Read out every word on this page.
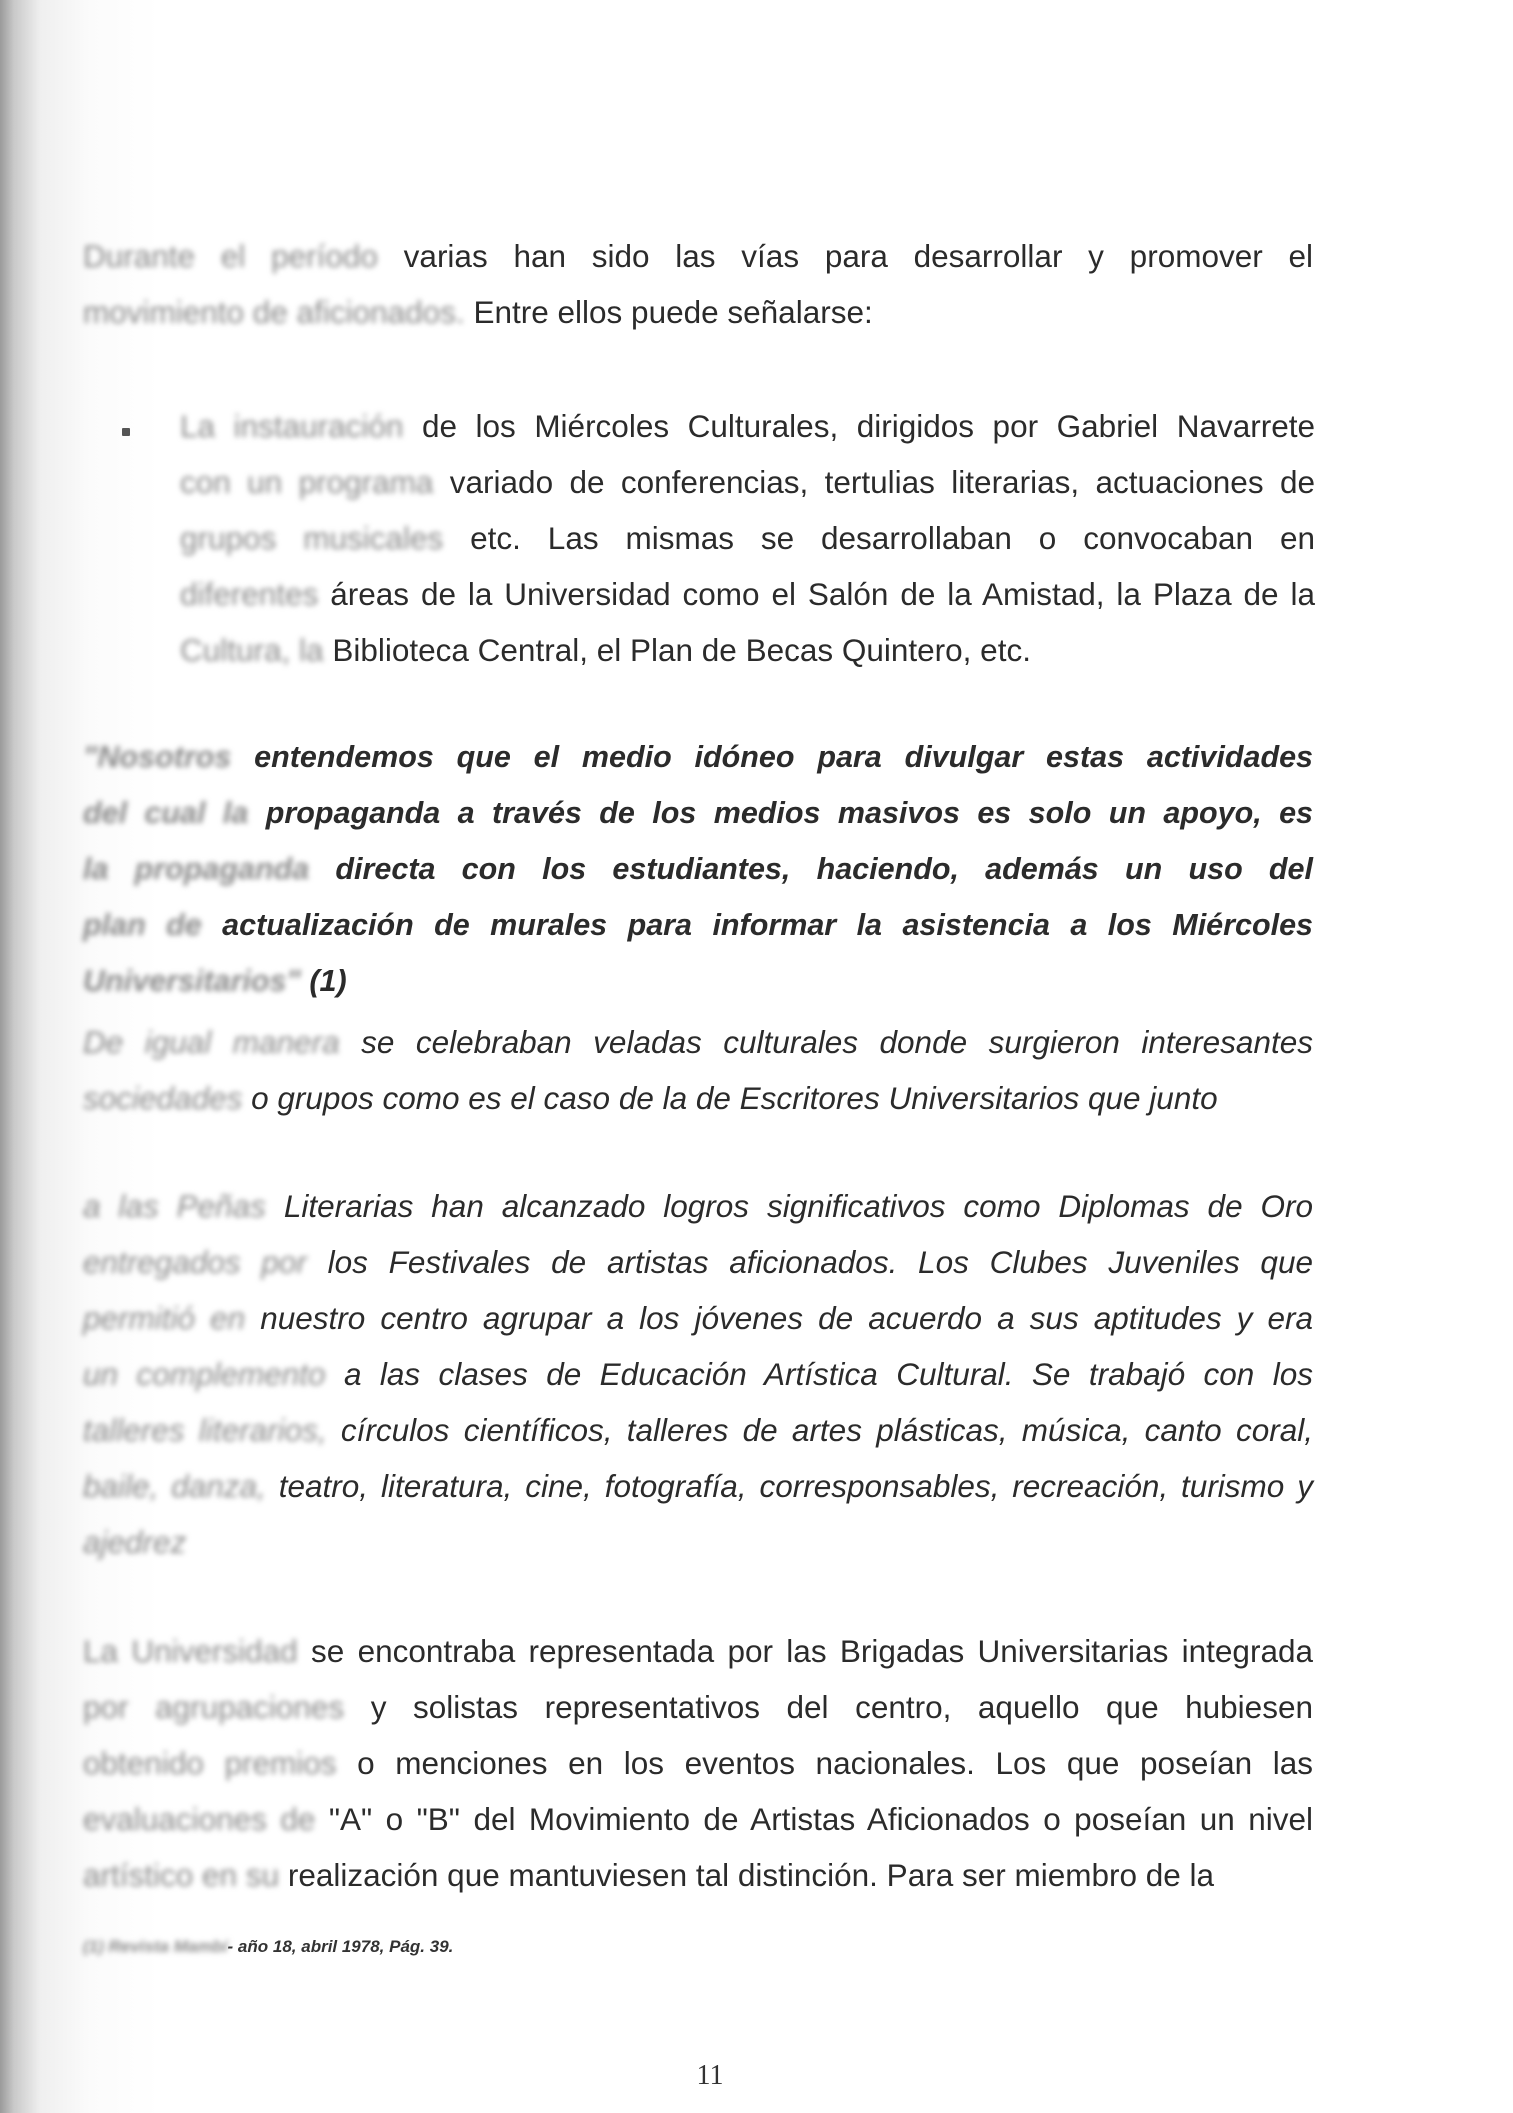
Durante el período varias han sido las vías para desarrollar y promover el
movimiento de aficionados. Entre ellos puede señalarse:
La instauración de los Miércoles Culturales, dirigidos por Gabriel Navarrete
con un programa variado de conferencias, tertulias literarias, actuaciones de
grupos musicales etc. Las mismas se desarrollaban o convocaban en
diferentes áreas de la Universidad como el Salón de la Amistad, la Plaza de la
Cultura, la Biblioteca Central, el Plan de Becas Quintero, etc.
"Nosotros entendemos que el medio idóneo para divulgar estas actividades
del cual la propaganda a través de los medios masivos es solo un apoyo, es
la propaganda directa con los estudiantes, haciendo, además un uso del
plan de actualización de murales para informar la asistencia a los Miércoles
Universitarios" (1)
De igual manera se celebraban veladas culturales donde surgieron interesantes
sociedades o grupos como es el caso de la de Escritores Universitarios que junto
a las Peñas Literarias han alcanzado logros significativos como Diplomas de Oro
entregados por los Festivales de artistas aficionados. Los Clubes Juveniles que
permitió en nuestro centro agrupar a los jóvenes de acuerdo a sus aptitudes y era
un complemento a las clases de Educación Artística Cultural. Se trabajó con los
talleres literarios, círculos científicos, talleres de artes plásticas, música, canto coral,
baile, danza, teatro, literatura, cine, fotografía, corresponsables, recreación, turismo y
ajedrez
La Universidad se encontraba representada por las Brigadas Universitarias integrada
por agrupaciones y solistas representativos del centro, aquello que hubiesen
obtenido premios o menciones en los eventos nacionales. Los que poseían las
evaluaciones de "A" o "B" del Movimiento de Artistas Aficionados o poseían un nivel
artístico en su realización que mantuviesen tal distinción. Para ser miembro de la
(1) Revista Mambí- año 18, abril 1978, Pág. 39.
11
